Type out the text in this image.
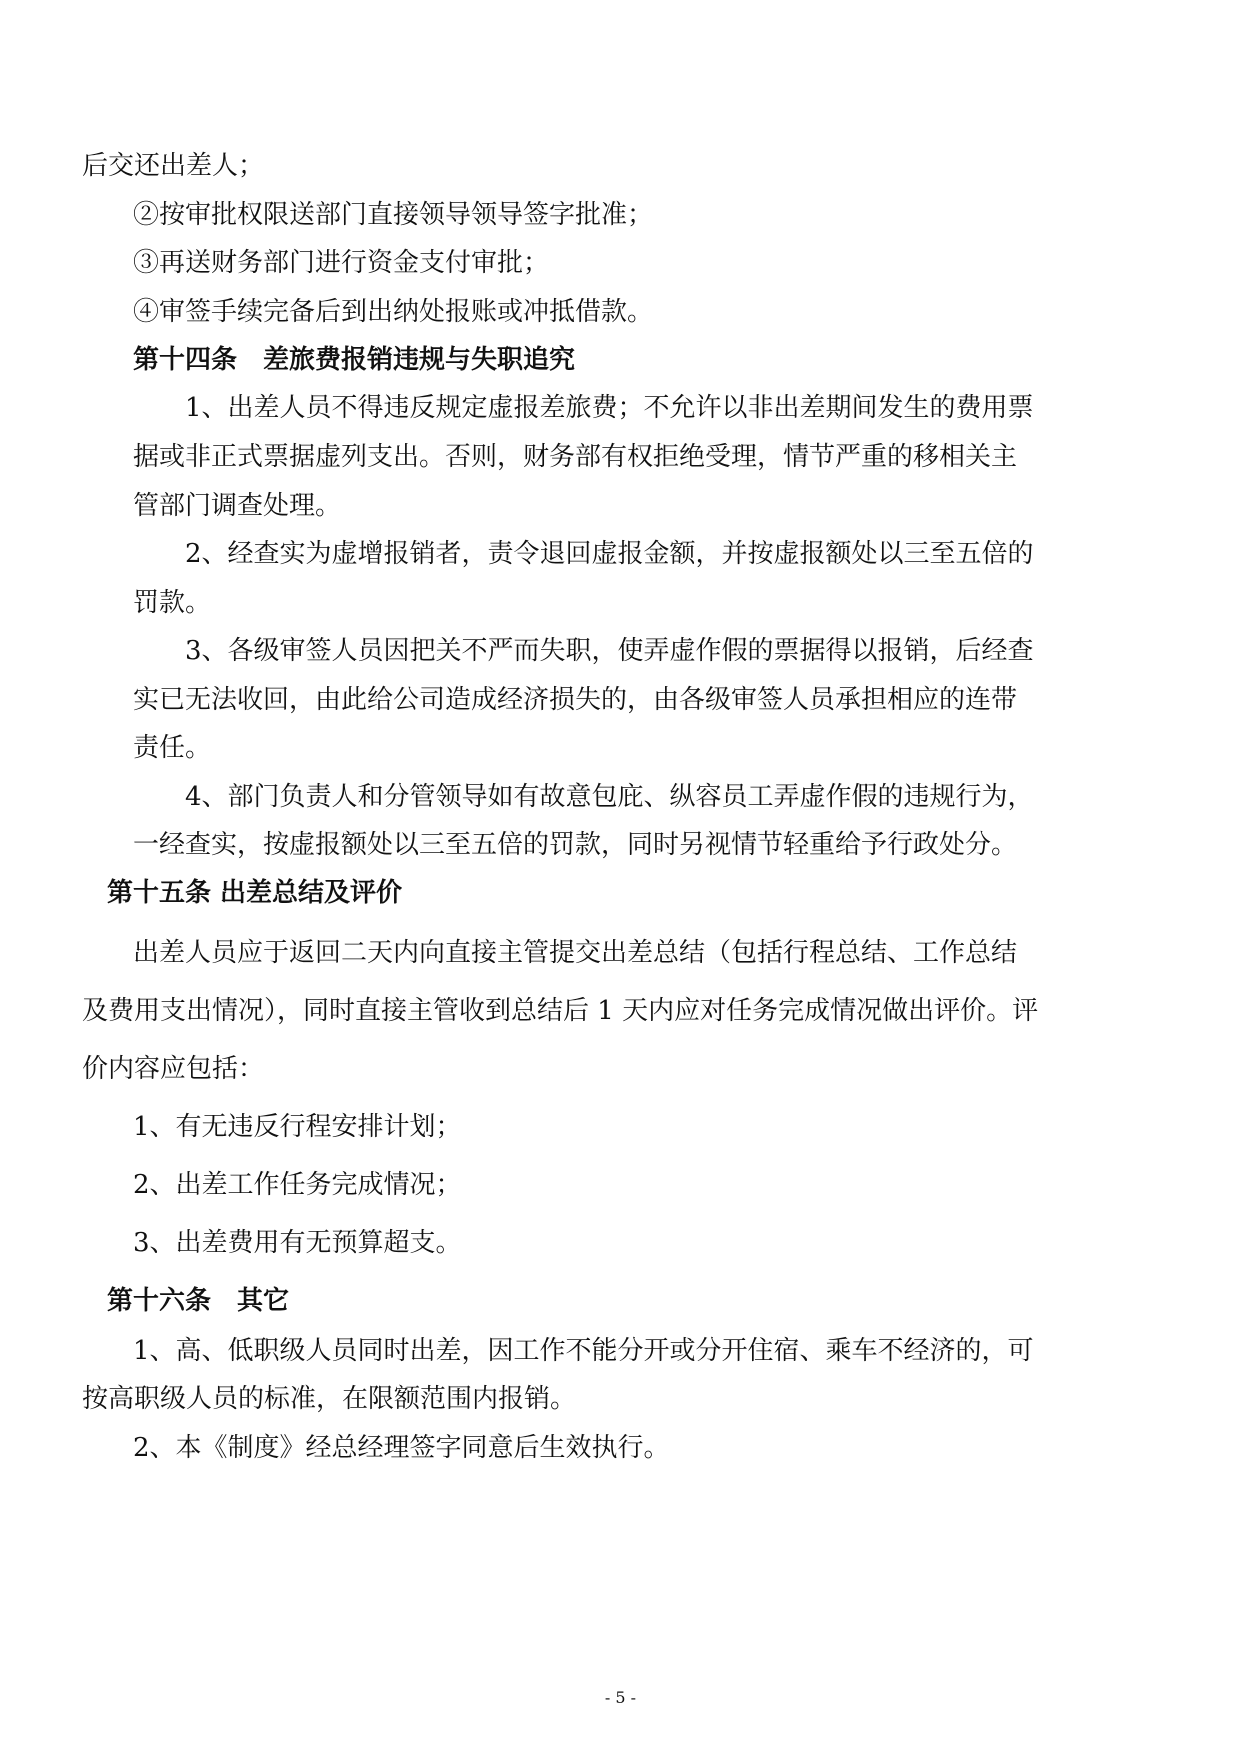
后交还出差人；
②按审批权限送部门直接领导领导签字批准；
③再送财务部门进行资金支付审批；
④审签手续完备后到出纳处报账或冲抵借款。
第十四条　差旅费报销违规与失职追究
1、出差人员不得违反规定虚报差旅费；不允许以非出差期间发生的费用票
据或非正式票据虚列支出。否则，财务部有权拒绝受理，情节严重的移相关主
管部门调查处理。
2、经查实为虚增报销者，责令退回虚报金额，并按虚报额处以三至五倍的
罚款。
3、各级审签人员因把关不严而失职，使弄虚作假的票据得以报销，后经查
实已无法收回，由此给公司造成经济损失的，由各级审签人员承担相应的连带
责任。
4、部门负责人和分管领导如有故意包庇、纵容员工弄虚作假的违规行为，
一经查实，按虚报额处以三至五倍的罚款，同时另视情节轻重给予行政处分。
第十五条 出差总结及评价
出差人员应于返回二天内向直接主管提交出差总结（包括行程总结、工作总结
及费用支出情况），同时直接主管收到总结后 1 天内应对任务完成情况做出评价。评
价内容应包括：
1、有无违反行程安排计划；
2、出差工作任务完成情况；
3、出差费用有无预算超支。
第十六条　其它
1、高、低职级人员同时出差，因工作不能分开或分开住宿、乘车不经济的，可
按高职级人员的标准，在限额范围内报销。
2、本《制度》经总经理签字同意后生效执行。
- 5 -
